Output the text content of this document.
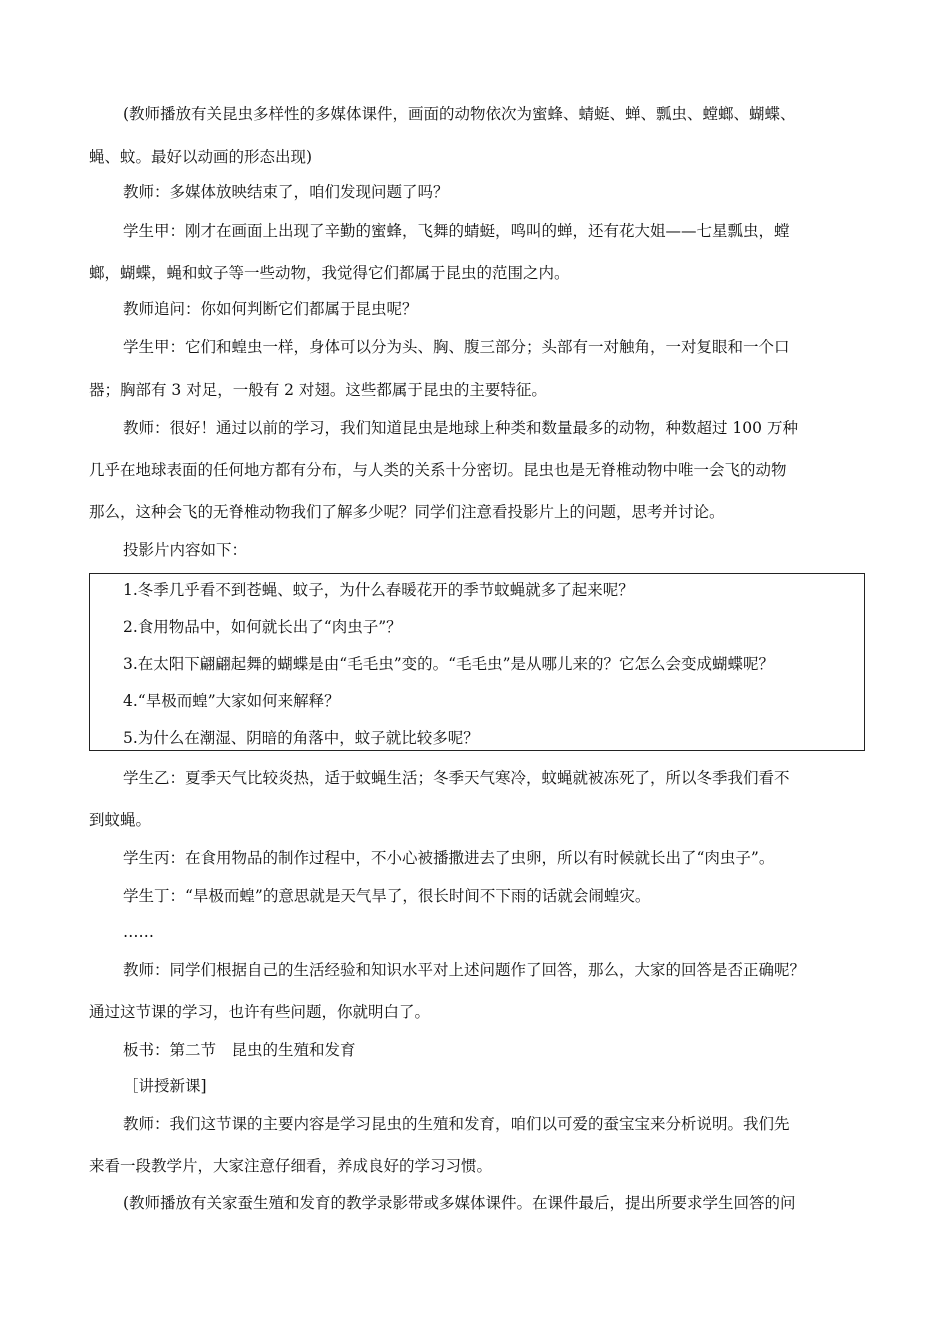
(教师播放有关昆虫多样性的多媒体课件，画面的动物依次为蜜蜂、蜻蜓、蝉、瓢虫、螳螂、蝴蝶、
蝇、蚊。最好以动画的形态出现)
教师：多媒体放映结束了，咱们发现问题了吗？
学生甲：刚才在画面上出现了辛勤的蜜蜂，飞舞的蜻蜓，鸣叫的蝉，还有花大姐——七星瓢虫，螳
螂，蝴蝶，蝇和蚊子等一些动物，我觉得它们都属于昆虫的范围之内。
教师追问：你如何判断它们都属于昆虫呢？
学生甲：它们和蝗虫一样，身体可以分为头、胸、腹三部分；头部有一对触角，一对复眼和一个口
器；胸部有 3 对足，一般有 2 对翅。这些都属于昆虫的主要特征。
教师：很好！通过以前的学习，我们知道昆虫是地球上种类和数量最多的动物，种数超过 100 万种
几乎在地球表面的任何地方都有分布，与人类的关系十分密切。昆虫也是无脊椎动物中唯一会飞的动物
那么，这种会飞的无脊椎动物我们了解多少呢？同学们注意看投影片上的问题，思考并讨论。
投影片内容如下：
1.冬季几乎看不到苍蝇、蚊子，为什么春暖花开的季节蚊蝇就多了起来呢？
2.食用物品中，如何就长出了“肉虫子”？
3.在太阳下翩翩起舞的蝴蝶是由“毛毛虫”变的。“毛毛虫”是从哪儿来的？它怎么会变成蝴蝶呢？
4.“旱极而蝗”大家如何来解释？
5.为什么在潮湿、阴暗的角落中，蚊子就比较多呢？
学生乙：夏季天气比较炎热，适于蚊蝇生活；冬季天气寒冷，蚊蝇就被冻死了，所以冬季我们看不
到蚊蝇。
学生丙：在食用物品的制作过程中，不小心被播撒进去了虫卵，所以有时候就长出了“肉虫子”。
学生丁：“旱极而蝗”的意思就是天气旱了，很长时间不下雨的话就会闹蝗灾。
……
教师：同学们根据自己的生活经验和知识水平对上述问题作了回答，那么，大家的回答是否正确呢？
通过这节课的学习，也许有些问题，你就明白了。
板书：第二节　昆虫的生殖和发育
［讲授新课]
教师：我们这节课的主要内容是学习昆虫的生殖和发育，咱们以可爱的蚕宝宝来分析说明。我们先
来看一段教学片，大家注意仔细看，养成良好的学习习惯。
(教师播放有关家蚕生殖和发育的教学录影带或多媒体课件。在课件最后，提出所要求学生回答的问
